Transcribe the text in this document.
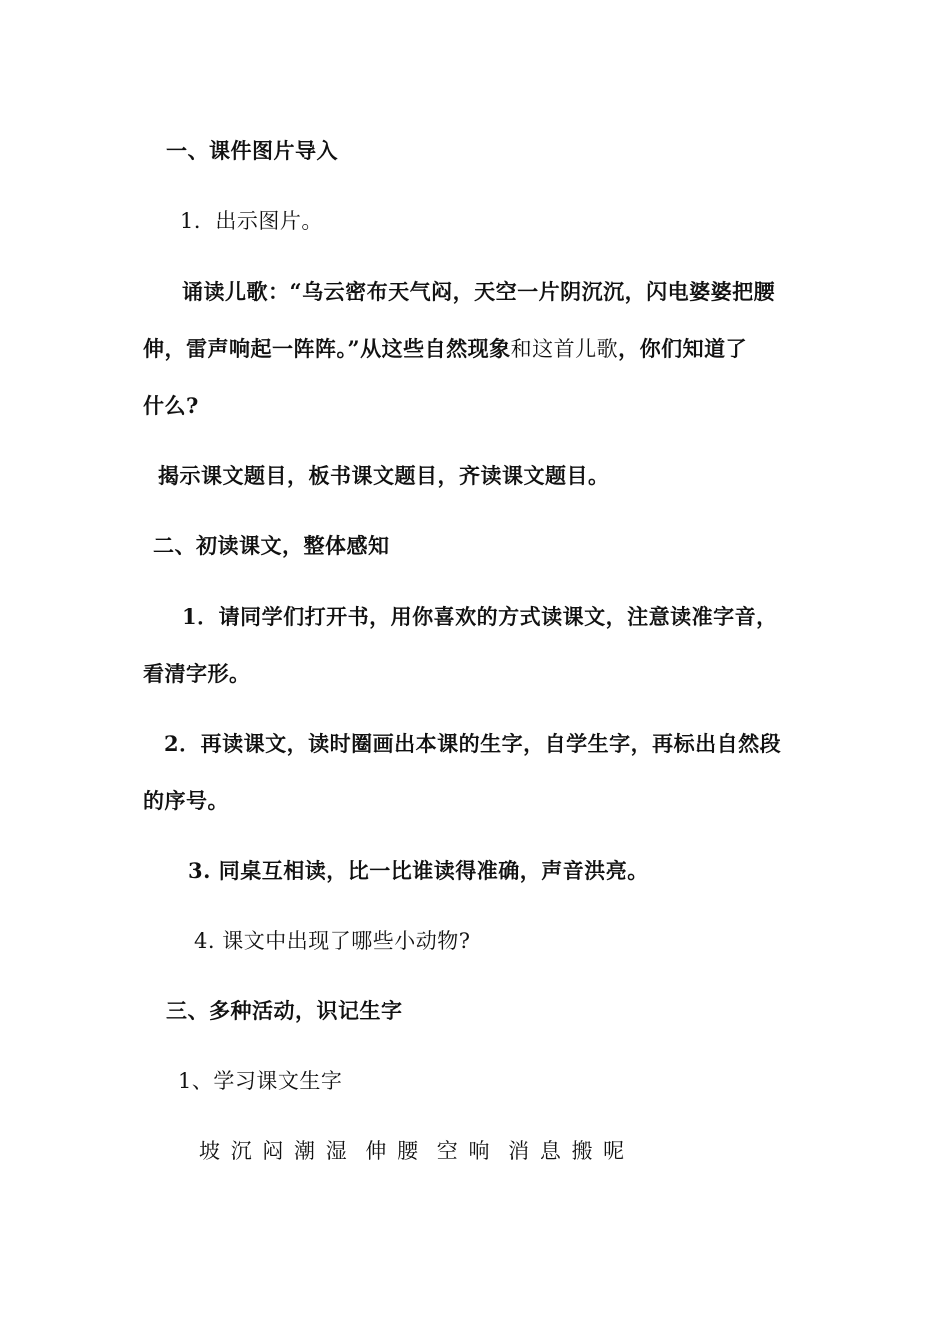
一、课件图片导入
1．出示图片。
诵读儿歌：“乌云密布天气闷，天空一片阴沉沉，闪电婆婆把腰
伸，雷声响起一阵阵。”从这些自然现象和这首儿歌，你们知道了
什么?
揭示课文题目，板书课文题目，齐读课文题目。
二、初读课文，整体感知
1．请同学们打开书，用你喜欢的方式读课文，注意读准字音，
看清字形。
2．再读课文，读时圈画出本课的生字，自学生字，再标出自然段
的序号。
3. 同桌互相读，比一比谁读得准确，声音洪亮。
4. 课文中出现了哪些小动物?
三、多种活动，识记生字
1、学习课文生字
坡 沉 闷 潮 湿 伸 腰 空 响 消 息 搬 呢
